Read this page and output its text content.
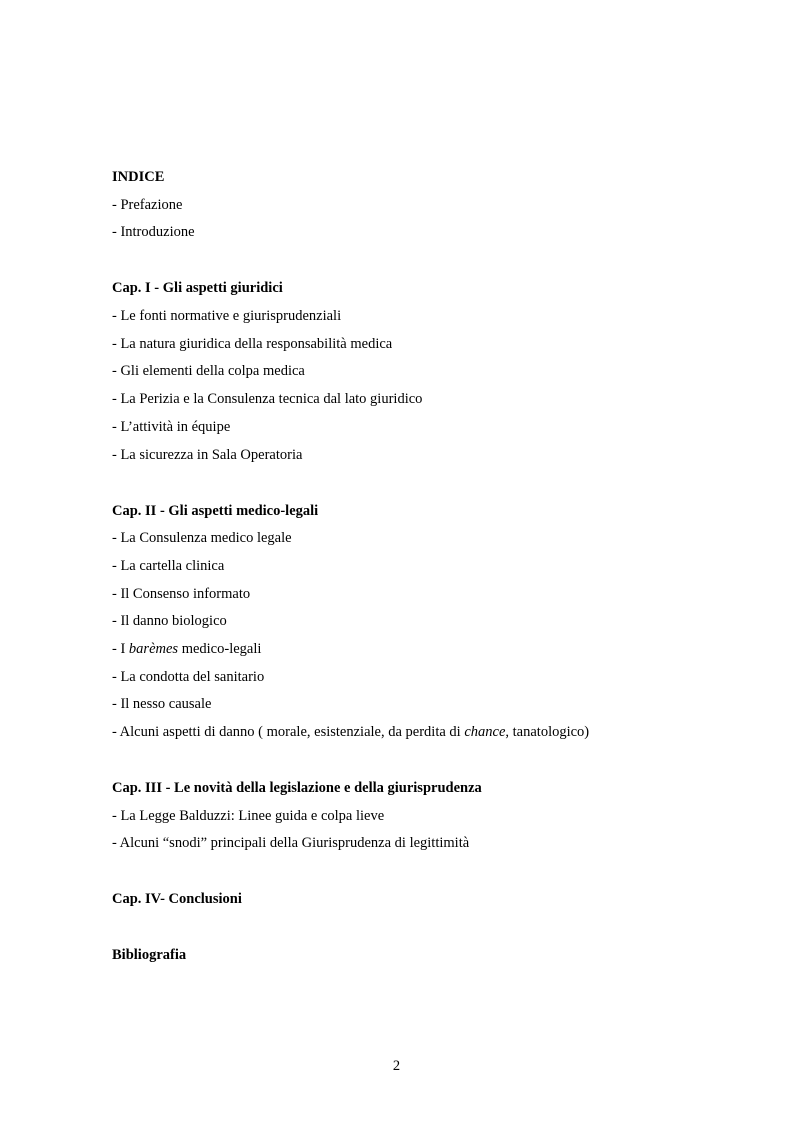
INDICE
- Prefazione
- Introduzione
Cap. I - Gli aspetti giuridici
- Le fonti normative e giurisprudenziali
- La natura giuridica della responsabilità medica
- Gli elementi della colpa medica
- La Perizia e la Consulenza tecnica dal lato giuridico
- L’attività in équipe
- La sicurezza in Sala Operatoria
Cap. II - Gli aspetti medico-legali
- La Consulenza medico legale
- La cartella clinica
- Il Consenso informato
- Il danno biologico
- I barèmes medico-legali
- La condotta del sanitario
- Il nesso causale
- Alcuni aspetti di danno ( morale, esistenziale, da perdita di chance, tanatologico)
Cap. III - Le novità della legislazione e della giurisprudenza
- La Legge Balduzzi: Linee guida e colpa lieve
- Alcuni “snodi” principali della Giurisprudenza di legittimità
Cap. IV- Conclusioni
Bibliografia
2
